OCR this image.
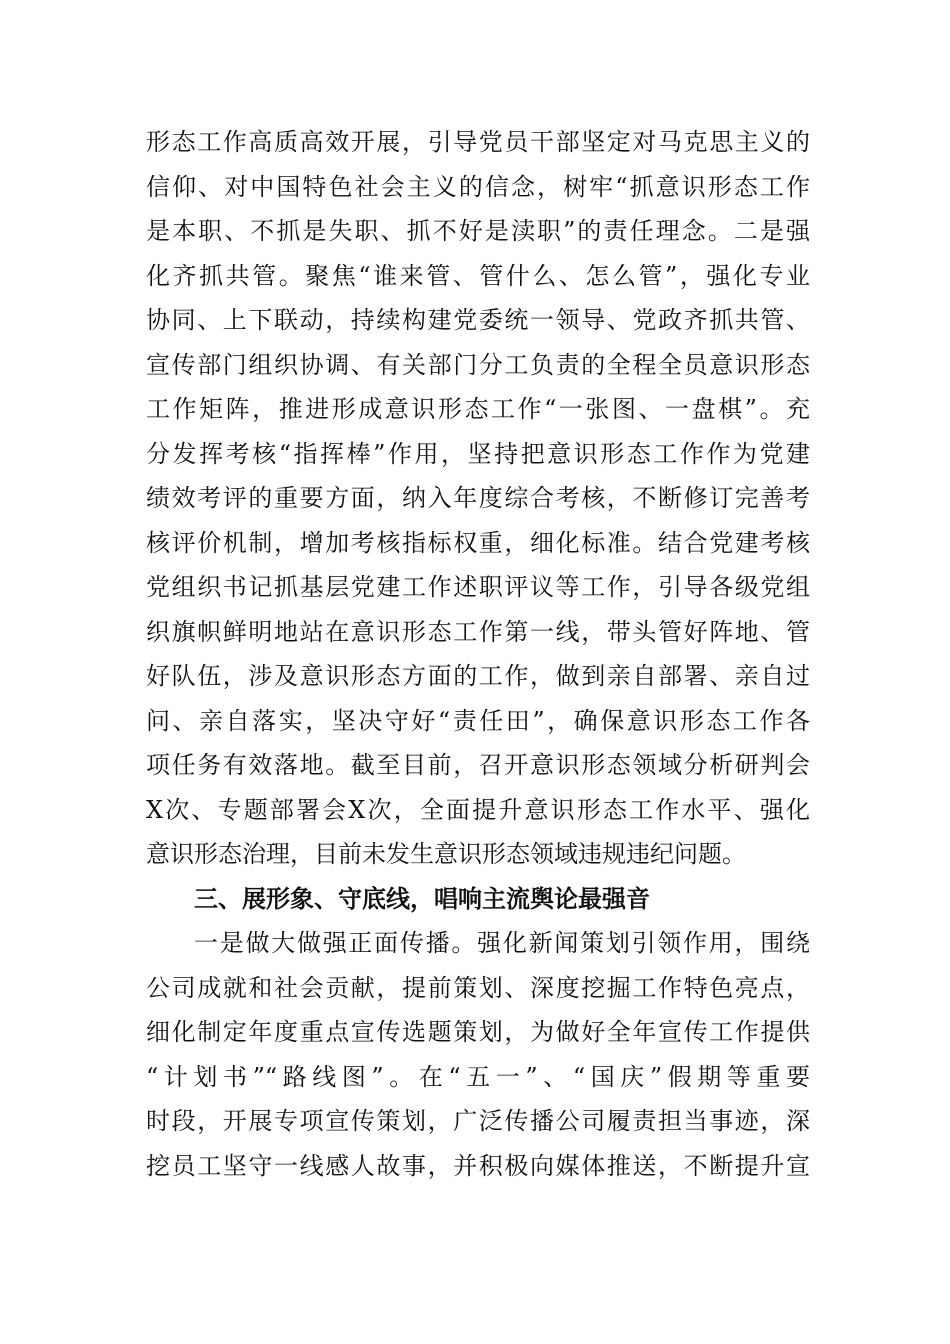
形态工作高质高效开展，引导党员干部坚定对马克思主义的
信仰、对中国特色社会主义的信念，树牢“抓意识形态工作
是本职、不抓是失职、抓不好是渎职”的责任理念。二是强
化齐抓共管。聚焦“谁来管、管什么、怎么管”，强化专业
协同、上下联动，持续构建党委统一领导、党政齐抓共管、
宣传部门组织协调、有关部门分工负责的全程全员意识形态
工作矩阵，推进形成意识形态工作“一张图、一盘棋”。充
分发挥考核“指挥棒”作用，坚持把意识形态工作作为党建
绩效考评的重要方面，纳入年度综合考核，不断修订完善考
核评价机制，增加考核指标权重，细化标准。结合党建考核
党组织书记抓基层党建工作述职评议等工作，引导各级党组
织旗帜鲜明地站在意识形态工作第一线，带头管好阵地、管
好队伍，涉及意识形态方面的工作，做到亲自部署、亲自过
问、亲自落实，坚决守好“责任田”，确保意识形态工作各
项任务有效落地。截至目前，召开意识形态领域分析研判会
X次、专题部署会X次，全面提升意识形态工作水平、强化
意识形态治理，目前未发生意识形态领域违规违纪问题。
三、展形象、守底线，唱响主流舆论最强音
一是做大做强正面传播。强化新闻策划引领作用，围绕
公司成就和社会贡献，提前策划、深度挖掘工作特色亮点，
细化制定年度重点宣传选题策划，为做好全年宣传工作提供
“计划书”“路线图”。在“五一”、“国庆”假期等重要
时段，开展专项宣传策划，广泛传播公司履责担当事迹，深
挖员工坚守一线感人故事，并积极向媒体推送，不断提升宣
